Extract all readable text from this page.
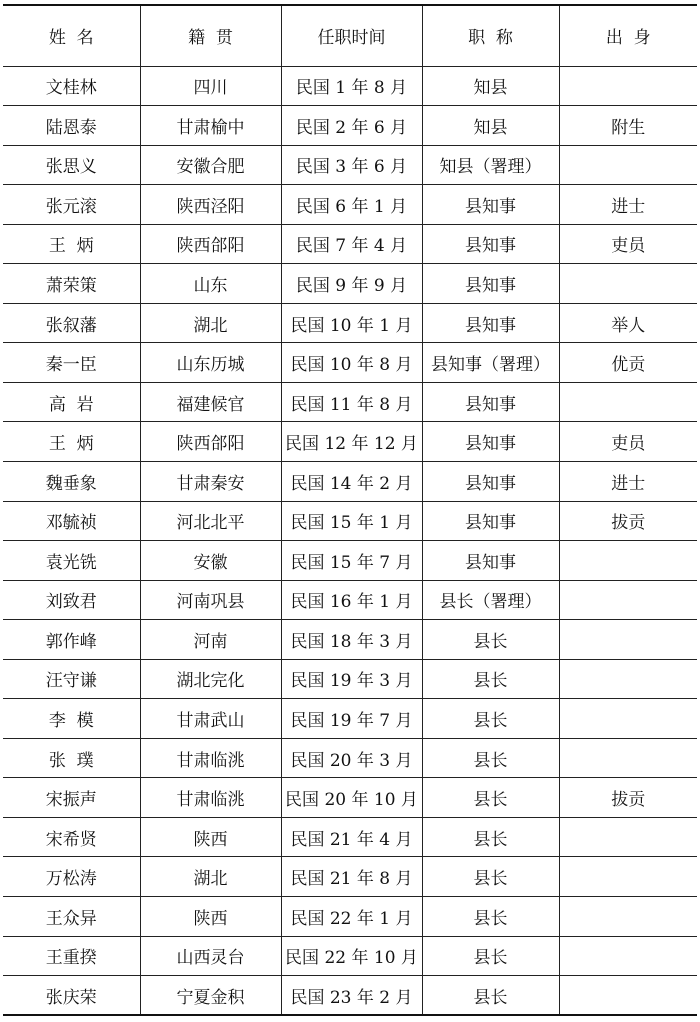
姓  名	籍  贯	任职时间	职  称	出  身
文桂林	四川	民国 1 年 8 月	知县	
陆恩泰	甘肃榆中	民国 2 年 6 月	知县	附生
张思义	安徽合肥	民国 3 年 6 月	知县（署理）	
张元滚	陕西泾阳	民国 6 年 1 月	县知事	进士
王  炳	陕西郃阳	民国 7 年 4 月	县知事	吏员
萧荣策	山东	民国 9 年 9 月	县知事	
张叙藩	湖北	民国 10 年 1 月	县知事	举人
秦一臣	山东历城	民国 10 年 8 月	县知事（署理）	优贡
高  岩	福建候官	民国 11 年 8 月	县知事	
王  炳	陕西郃阳	民国 12 年 12 月	县知事	吏员
魏垂象	甘肃秦安	民国 14 年 2 月	县知事	进士
邓毓祯	河北北平	民国 15 年 1 月	县知事	拔贡
袁光铣	安徽	民国 15 年 7 月	县知事	
刘致君	河南巩县	民国 16 年 1 月	县长（署理）	
郭作峰	河南	民国 18 年 3 月	县长	
汪守谦	湖北完化	民国 19 年 3 月	县长	
李  模	甘肃武山	民国 19 年 7 月	县长	
张  璞	甘肃临洮	民国 20 年 3 月	县长	
宋振声	甘肃临洮	民国 20 年 10 月	县长	拔贡
宋希贤	陕西	民国 21 年 4 月	县长	
万松涛	湖北	民国 21 年 8 月	县长	
王众异	陕西	民国 22 年 1 月	县长	
王重揆	山西灵台	民国 22 年 10 月	县长	
张庆荣	宁夏金积	民国 23 年 2 月	县长	
